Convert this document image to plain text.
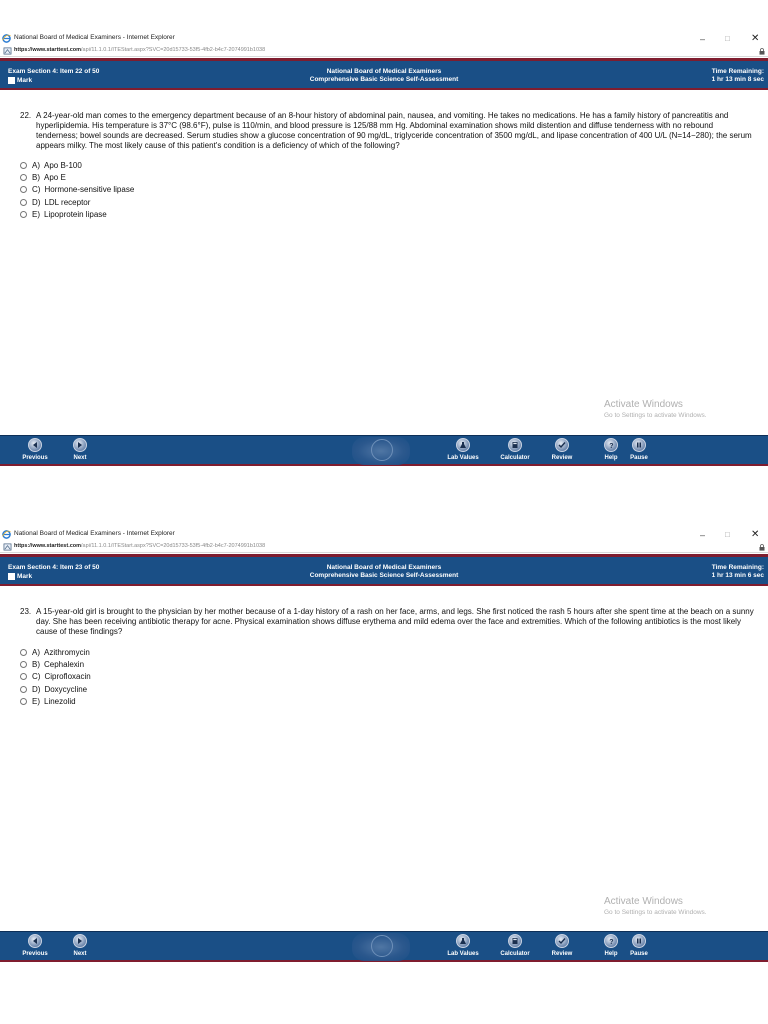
National Board of Medical Examiners - Internet Explorer	– □ ✕
https://www.starttest.com/api/11.1.0.1/ITEStart.aspx?SVC=20d15733-53f5-4fb2-b4c7-2074991b1038
Exam Section 4: Item 22 of 50
Mark
National Board of Medical Examiners
Comprehensive Basic Science Self-Assessment
Time Remaining:
1 hr 13 min 8 sec
22. A 24-year-old man comes to the emergency department because of an 8-hour history of abdominal pain, nausea, and vomiting. He takes no medications. He has a family history of pancreatitis and hyperlipidemia. His temperature is 37°C (98.6°F), pulse is 110/min, and blood pressure is 125/88 mm Hg. Abdominal examination shows mild distention and diffuse tenderness with no rebound tenderness; bowel sounds are decreased. Serum studies show a glucose concentration of 90 mg/dL, triglyceride concentration of 3500 mg/dL, and lipase concentration of 400 U/L (N=14−280); the serum appears milky. The most likely cause of this patient's condition is a deficiency of which of the following?
A) Apo B-100
B) Apo E
C) Hormone-sensitive lipase
D) LDL receptor
E) Lipoprotein lipase
Activate Windows
Go to Settings to activate Windows.
Previous	Next	Lab Values	Calculator	Review
?
Help	Pause
National Board of Medical Examiners - Internet Explorer	– □ ✕
https://www.starttest.com/api/11.1.0.1/ITEStart.aspx?SVC=20d15733-53f5-4fb2-b4c7-2074991b1038
Exam Section 4: Item 23 of 50
Mark
National Board of Medical Examiners
Comprehensive Basic Science Self-Assessment
Time Remaining:
1 hr 13 min 6 sec
23. A 15-year-old girl is brought to the physician by her mother because of a 1-day history of a rash on her face, arms, and legs. She first noticed the rash 5 hours after she spent time at the beach on a sunny day. She has been receiving antibiotic therapy for acne. Physical examination shows diffuse erythema and mild edema over the face and extremities. Which of the following antibiotics is the most likely cause of these findings?
A) Azithromycin
B) Cephalexin
C) Ciprofloxacin
D) Doxycycline
E) Linezolid
Activate Windows
Go to Settings to activate Windows.
Previous	Next	Lab Values	Calculator	Review
?
Help	Pause
